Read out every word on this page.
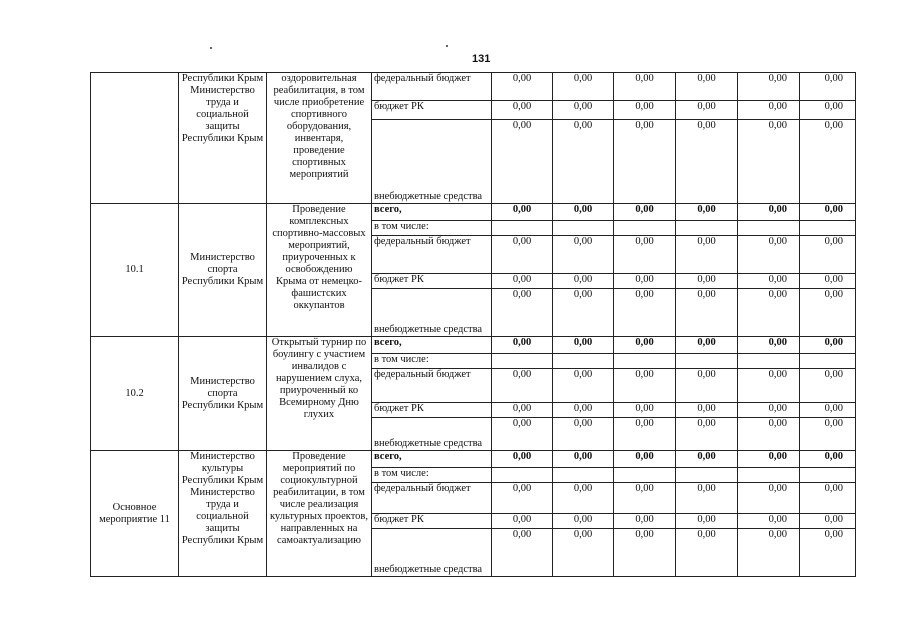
131
	Республики Крым Министерство труда и социальной защиты Республики Крым	оздоровительная реабилитация, в том числе приобретение спортивного оборудования, инвентаря, проведение спортивных мероприятий	федеральный бюджет	0,00	0,00	0,00	0,00	0,00	0,00
			бюджет РК	0,00	0,00	0,00	0,00	0,00	0,00
			внебюджетные средства	0,00	0,00	0,00	0,00	0,00	0,00
10.1	Министерство спорта Республики Крым	Проведение комплексных спортивно-массовых мероприятий, приуроченных к освобождению Крыма от немецко-фашистских оккупантов	всего,	0,00	0,00	0,00	0,00	0,00	0,00
			в том числе:						
			федеральный бюджет	0,00	0,00	0,00	0,00	0,00	0,00
			бюджет РК	0,00	0,00	0,00	0,00	0,00	0,00
			внебюджетные средства	0,00	0,00	0,00	0,00	0,00	0,00
10.2	Министерство спорта Республики Крым	Открытый турнир по боулингу с участием инвалидов с нарушением слуха, приуроченный ко Всемирному Дню глухих	всего,	0,00	0,00	0,00	0,00	0,00	0,00
			в том числе:						
			федеральный бюджет	0,00	0,00	0,00	0,00	0,00	0,00
			бюджет РК	0,00	0,00	0,00	0,00	0,00	0,00
			внебюджетные средства	0,00	0,00	0,00	0,00	0,00	0,00
Основное мероприятие 11	Министерство культуры Республики Крым Министерство труда и социальной защиты Республики Крым	Проведение мероприятий по социокультурной реабилитации, в том числе реализация культурных проектов, направленных на самоактуализацию	всего,	0,00	0,00	0,00	0,00	0,00	0,00
			в том числе:						
			федеральный бюджет	0,00	0,00	0,00	0,00	0,00	0,00
			бюджет РК	0,00	0,00	0,00	0,00	0,00	0,00
			внебюджетные средства	0,00	0,00	0,00	0,00	0,00	0,00
